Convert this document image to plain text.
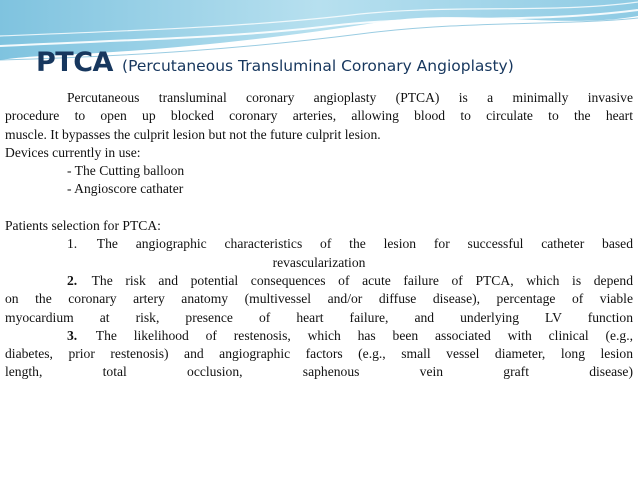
PTCA (Percutaneous Transluminal Coronary Angioplasty)
Percutaneous transluminal coronary angioplasty (PTCA) is a minimally invasive
procedure to open up blocked coronary arteries, allowing blood to circulate to the heart
muscle. It bypasses the culprit lesion but not the future culprit lesion.
Devices currently in use:
- The Cutting balloon
- Angioscore cathater
Patients selection for PTCA:
1. The angiographic characteristics of the lesion for successful catheter based
revascularization
2. The risk and potential consequences of acute failure of PTCA, which is depend
on the coronary artery anatomy (multivessel and/or diffuse disease), percentage of viable
myocardium at risk, presence of heart failure, and underlying LV function
3. The likelihood of restenosis, which has been associated with clinical (e.g.,
diabetes, prior restenosis) and angiographic factors (e.g., small vessel diameter, long lesion
length, total occlusion, saphenous vein graft disease)
